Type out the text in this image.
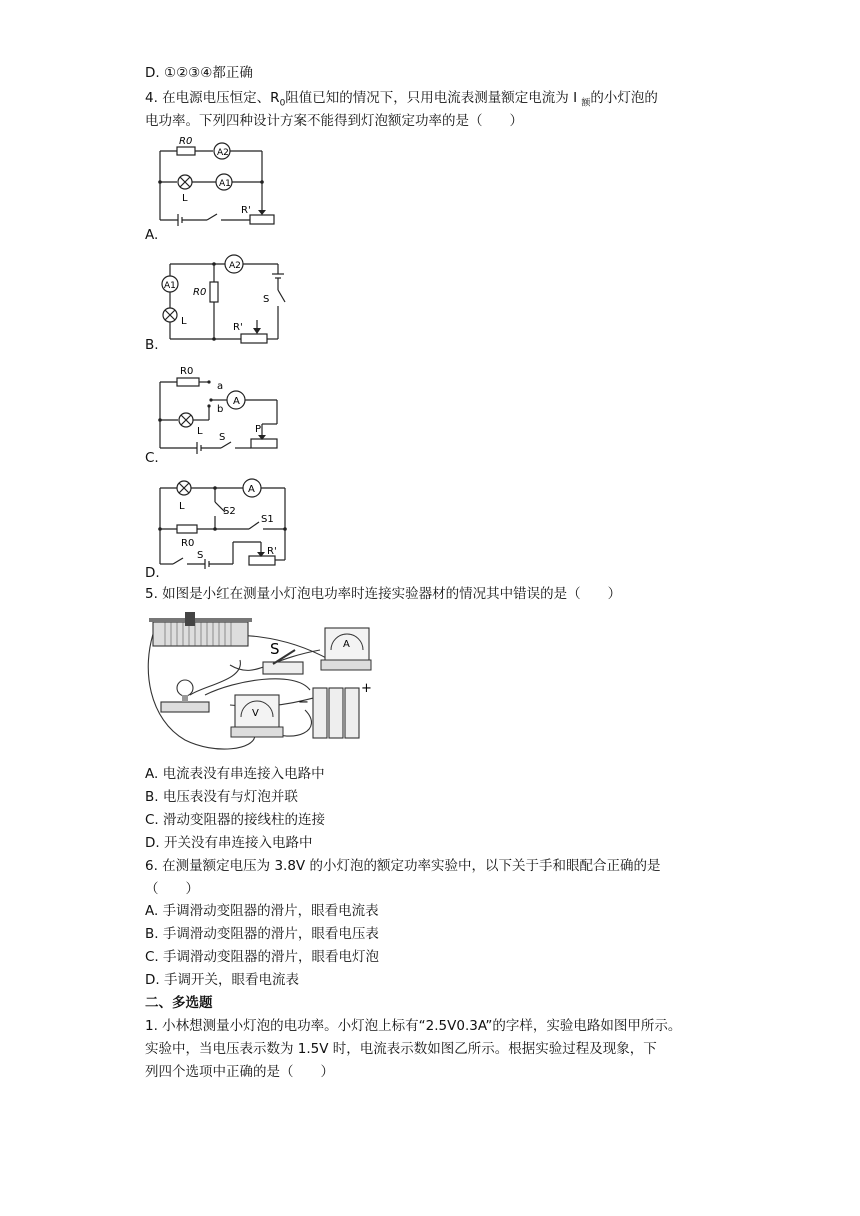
D. ①②③④都正确
4. 在电源电压恒定、$R_0$阻值已知的情况下，只用电流表测量额定电流为 I $_额$的小灯泡的
电功率。下列四种设计方案不能得到灯泡额定功率的是（　　）
R0
A2
A1
L
R'
A.
A2
A1
R0
L
S
R'
B.
R0
a
b
A
L
S
P
C.
L
A
S2
S1
R0
S	R'
D.
5. 如图是小红在测量小灯泡电功率时连接实验器材的情况其中错误的是（　　）
S	A
V
+
−
A. 电流表没有串连接入电路中
B. 电压表没有与灯泡并联
C. 滑动变阻器的接线柱的连接
D. 开关没有串连接入电路中
6. 在测量额定电压为 3.8V 的小灯泡的额定功率实验中，以下关于手和眼配合正确的是
（　　）
A. 手调滑动变阻器的滑片，眼看电流表
B. 手调滑动变阻器的滑片，眼看电压表
C. 手调滑动变阻器的滑片，眼看电灯泡
D. 手调开关，眼看电流表
二、多选题
1. 小林想测量小灯泡的电功率。小灯泡上标有“2.5V0.3A”的字样，实验电路如图甲所示。
实验中，当电压表示数为 1.5V 时，电流表示数如图乙所示。根据实验过程及现象，下
列四个选项中正确的是（　　）
